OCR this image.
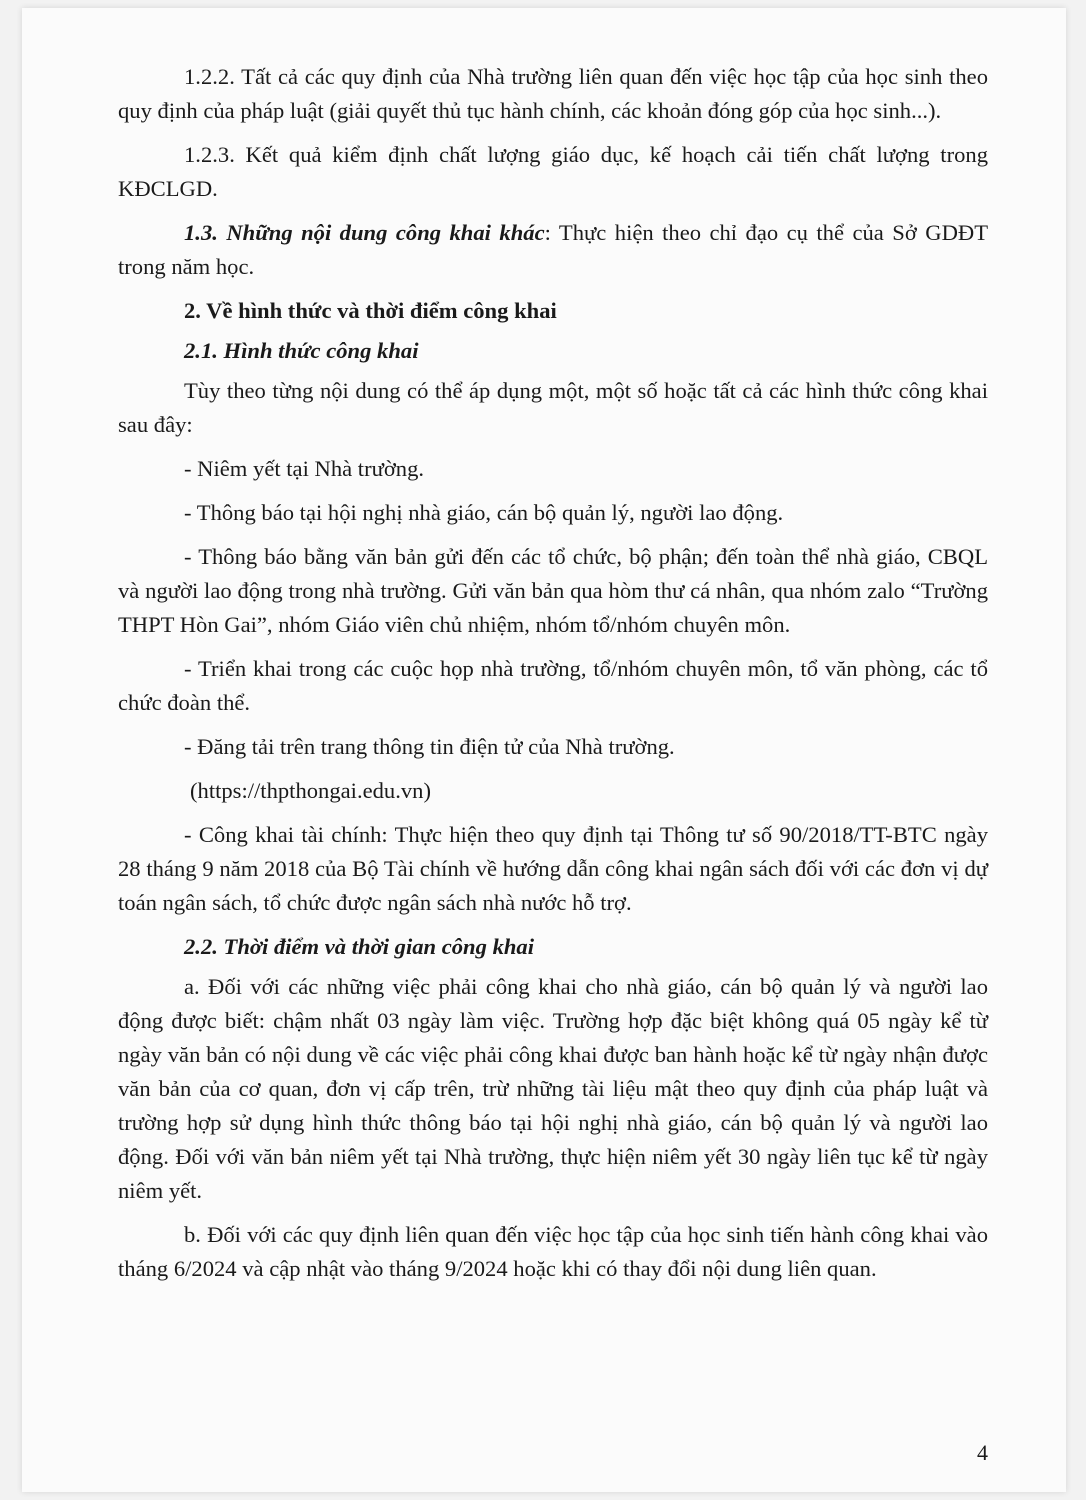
1.2.2. Tất cả các quy định của Nhà trường liên quan đến việc học tập của học sinh theo quy định của pháp luật (giải quyết thủ tục hành chính, các khoản đóng góp của học sinh...).

1.2.3. Kết quả kiểm định chất lượng giáo dục, kế hoạch cải tiến chất lượng trong KĐCLGD.

1.3. Những nội dung công khai khác: Thực hiện theo chỉ đạo cụ thể của Sở GDĐT trong năm học.

2. Về hình thức và thời điểm công khai

2.1. Hình thức công khai

Tùy theo từng nội dung có thể áp dụng một, một số hoặc tất cả các hình thức công khai sau đây:

- Niêm yết tại Nhà trường.

- Thông báo tại hội nghị nhà giáo, cán bộ quản lý, người lao động.

- Thông báo bằng văn bản gửi đến các tổ chức, bộ phận; đến toàn thể nhà giáo, CBQL và người lao động trong nhà trường. Gửi văn bản qua hòm thư cá nhân, qua nhóm zalo “Trường THPT Hòn Gai”, nhóm Giáo viên chủ nhiệm, nhóm tổ/nhóm chuyên môn.

- Triển khai trong các cuộc họp nhà trường, tổ/nhóm chuyên môn, tổ văn phòng, các tổ chức đoàn thể.

- Đăng tải trên trang thông tin điện tử của Nhà trường.

(https://thpthongai.edu.vn)

- Công khai tài chính: Thực hiện theo quy định tại Thông tư số 90/2018/TT-BTC ngày 28 tháng 9 năm 2018 của Bộ Tài chính về hướng dẫn công khai ngân sách đối với các đơn vị dự toán ngân sách, tổ chức được ngân sách nhà nước hỗ trợ.

2.2. Thời điểm và thời gian công khai

a. Đối với các những việc phải công khai cho nhà giáo, cán bộ quản lý và người lao động được biết: chậm nhất 03 ngày làm việc. Trường hợp đặc biệt không quá 05 ngày kể từ ngày văn bản có nội dung về các việc phải công khai được ban hành hoặc kể từ ngày nhận được văn bản của cơ quan, đơn vị cấp trên, trừ những tài liệu mật theo quy định của pháp luật và trường hợp sử dụng hình thức thông báo tại hội nghị nhà giáo, cán bộ quản lý và người lao động. Đối với văn bản niêm yết tại Nhà trường, thực hiện niêm yết 30 ngày liên tục kể từ ngày niêm yết.

b. Đối với các quy định liên quan đến việc học tập của học sinh tiến hành công khai vào tháng 6/2024 và cập nhật vào tháng 9/2024 hoặc khi có thay đổi nội dung liên quan.

4
